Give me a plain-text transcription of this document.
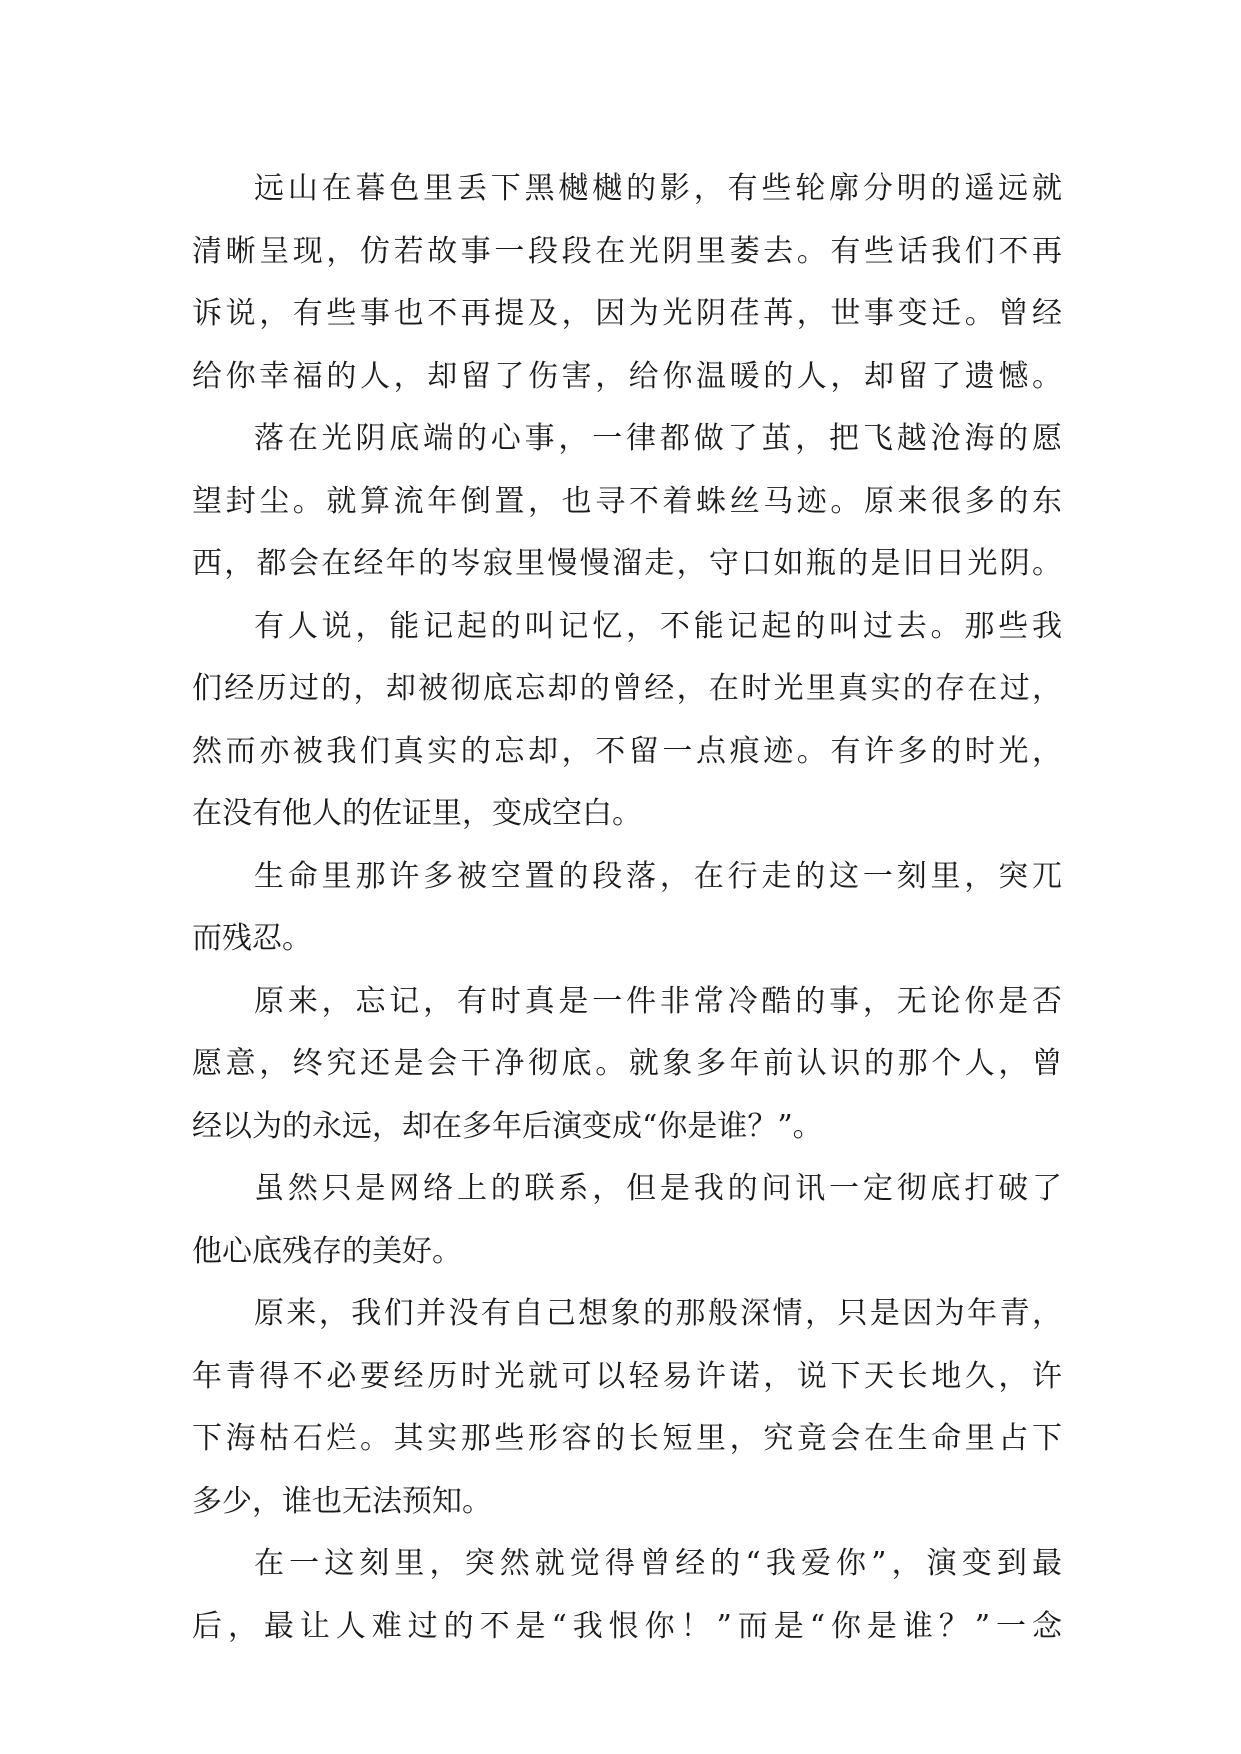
远山在暮色里丢下黑樾樾的影，有些轮廓分明的遥远就
清晰呈现，仿若故事一段段在光阴里萎去。有些话我们不再
诉说，有些事也不再提及，因为光阴荏苒，世事变迁。曾经
给你幸福的人，却留了伤害，给你温暖的人，却留了遗憾。
落在光阴底端的心事，一律都做了茧，把飞越沧海的愿
望封尘。就算流年倒置，也寻不着蛛丝马迹。原来很多的东
西，都会在经年的岑寂里慢慢溜走，守口如瓶的是旧日光阴。
有人说，能记起的叫记忆，不能记起的叫过去。那些我
们经历过的，却被彻底忘却的曾经，在时光里真实的存在过，
然而亦被我们真实的忘却，不留一点痕迹。有许多的时光，
在没有他人的佐证里，变成空白。
生命里那许多被空置的段落，在行走的这一刻里，突兀
而残忍。
原来，忘记，有时真是一件非常冷酷的事，无论你是否
愿意，终究还是会干净彻底。就象多年前认识的那个人，曾
经以为的永远，却在多年后演变成“你是谁？”。
虽然只是网络上的联系，但是我的问讯一定彻底打破了
他心底残存的美好。
原来，我们并没有自己想象的那般深情，只是因为年青，
年青得不必要经历时光就可以轻易许诺，说下天长地久，许
下海枯石烂。其实那些形容的长短里，究竟会在生命里占下
多少，谁也无法预知。
在一这刻里，突然就觉得曾经的“我爱你”，演变到最
后，最让人难过的不是“我恨你！”而是“你是谁？”一念
